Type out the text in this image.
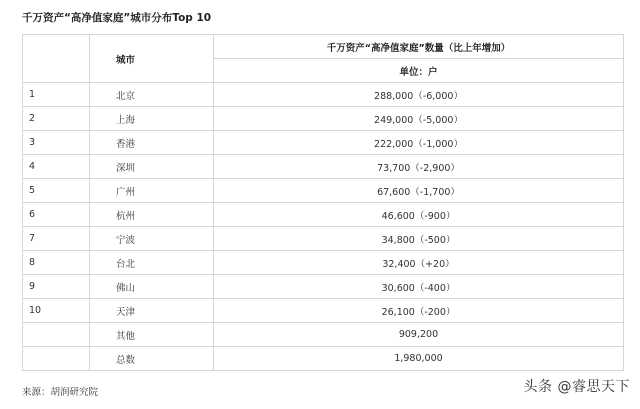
千万资产“高净值家庭”城市分布Top 10
	城市	千万资产“高净值家庭”数量（比上年增加）
		单位：户
1	北京	288,000（-6,000）
2	上海	249,000（-5,000）
3	香港	222,000（-1,000）
4	深圳	73,700（-2,900）
5	广州	67,600（-1,700）
6	杭州	46,600（-900）
7	宁波	34,800（-500）
8	台北	32,400（+20）
9	佛山	30,600（-400）
10	天津	26,100（-200）
	其他	909,200
	总数	1,980,000
来源：胡润研究院	头条 @睿思天下
